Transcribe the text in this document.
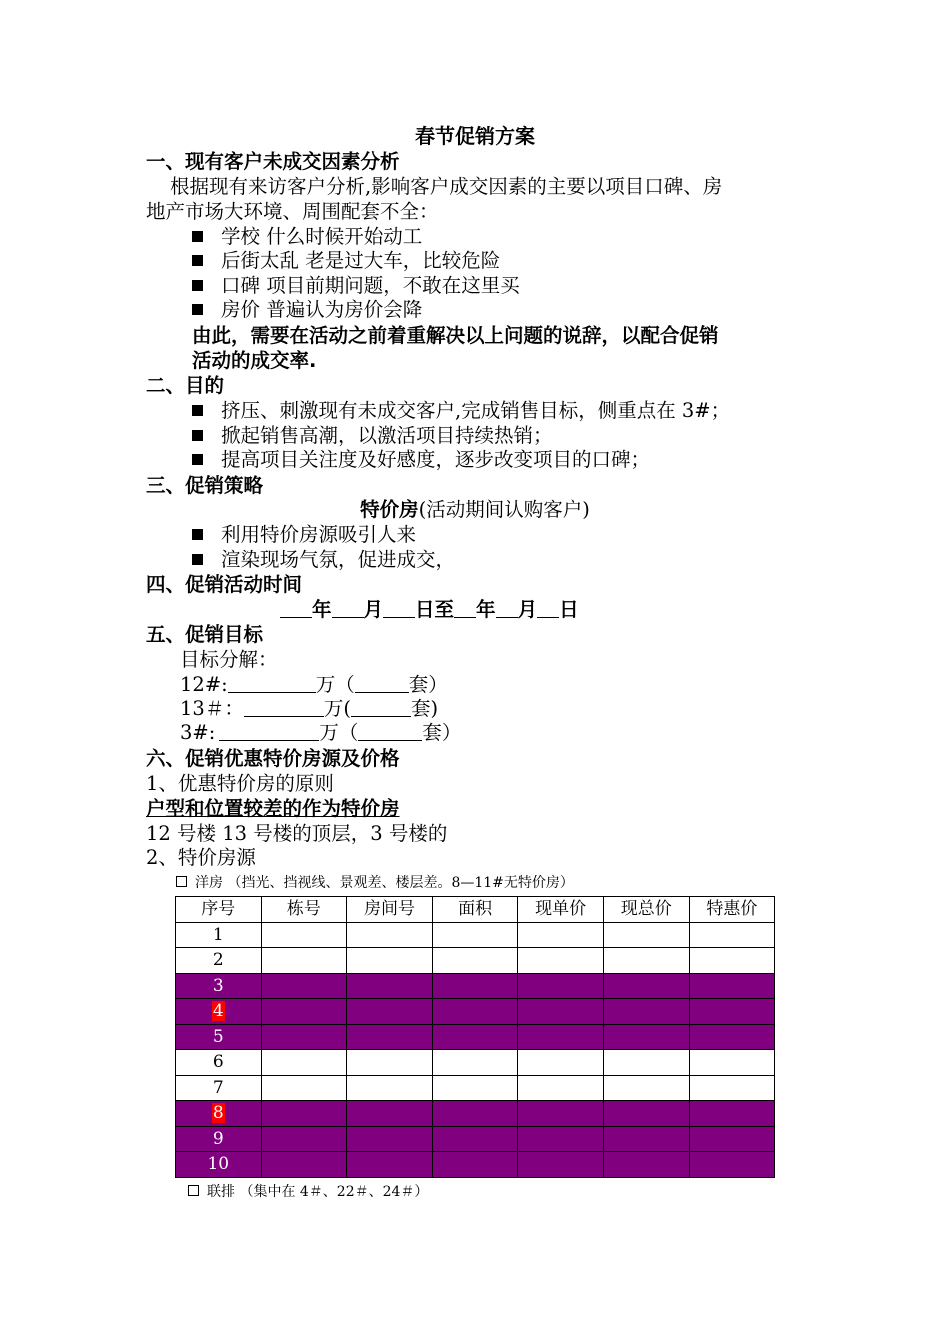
春节促销方案
一、现有客户未成交因素分析
根据现有来访客户分析,影响客户成交因素的主要以项目口碑、房
地产市场大环境、周围配套不全：
学校 什么时候开始动工
后街太乱 老是过大车，比较危险
口碑 项目前期问题，不敢在这里买
房价 普遍认为房价会降
由此，需要在活动之前着重解决以上问题的说辞，以配合促销
活动的成交率.
二、目的
挤压、刺激现有未成交客户,完成销售目标，侧重点在 3#；
掀起销售高潮，以激活项目持续热销；
提高项目关注度及好感度，逐步改变项目的口碑；
三、促销策略
特价房(活动期间认购客户)
利用特价房源吸引人来
渲染现场气氛，促进成交，
四、促销活动时间
年 月 日至 年 月 日
五、促销目标
目标分解：
12#:	万（	套）
13＃：	万(	套)
3#:	万（	套）
六、促销优惠特价房源及价格
1、优惠特价房的原则
户型和位置较差的作为特价房
12 号楼 13 号楼的顶层，3 号楼的
2、特价房源
洋房 （挡光、挡视线、景观差、楼层差。8—11#无特价房）
序号	栋号	房间号	面积	现单价	现总价	特惠价
1						
2						
3						
4						
5						
6						
7						
8						
9						
10						
联排 （集中在 4＃、22＃、24＃）
